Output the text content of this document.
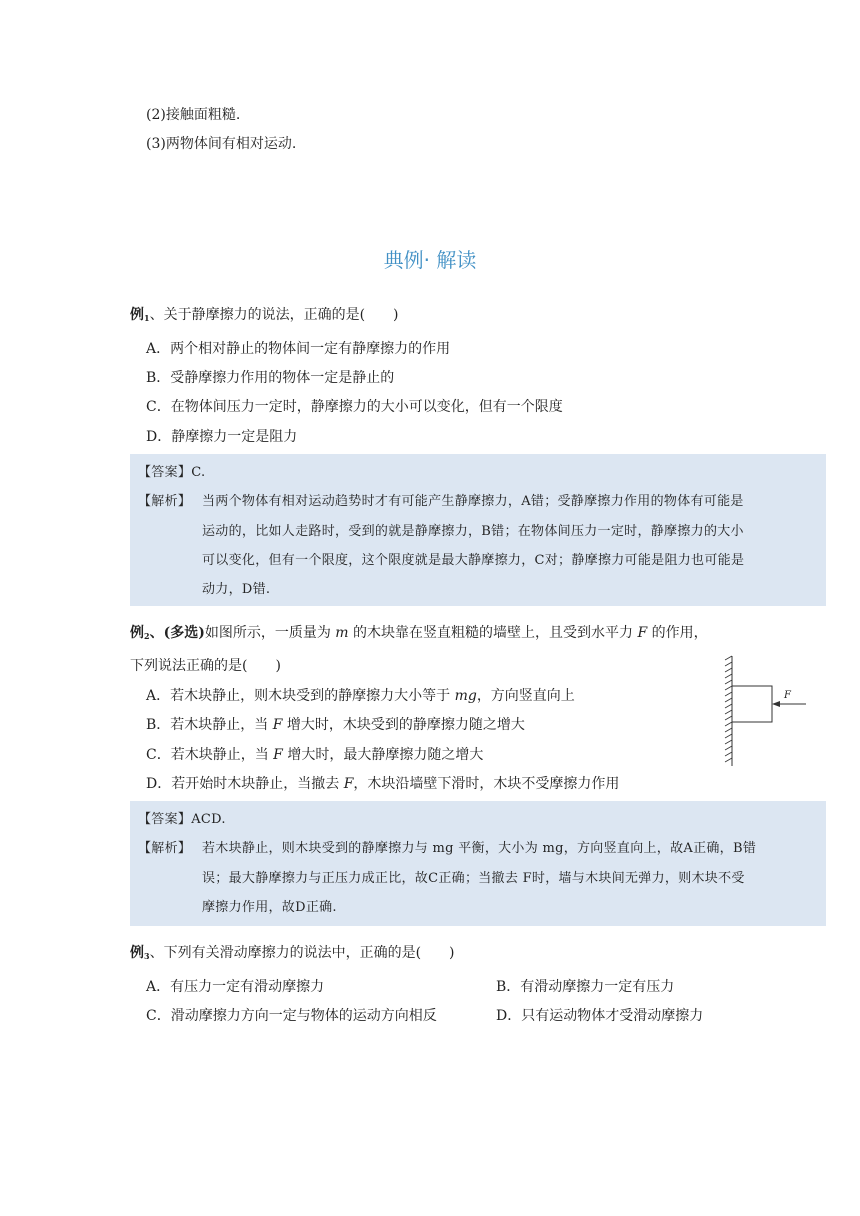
(2)接触面粗糙.
(3)两物体间有相对运动.
典例· 解读
例$_1$、关于静摩擦力的说法，正确的是(　　)
A．两个相对静止的物体间一定有静摩擦力的作用
B．受静摩擦力作用的物体一定是静止的
C．在物体间压力一定时，静摩擦力的大小可以变化，但有一个限度
D．静摩擦力一定是阻力
【答案】C.
【解析】 当两个物体有相对运动趋势时才有可能产生静摩擦力，A错；受静摩擦力作用的物体有可能是
运动的，比如人走路时，受到的就是静摩擦力，B错；在物体间压力一定时，静摩擦力的大小
可以变化，但有一个限度，这个限度就是最大静摩擦力，C对；静摩擦力可能是阻力也可能是
动力，D错.
例$_2$、(多选)如图所示，一质量为 m 的木块靠在竖直粗糙的墙壁上，且受到水平力 F 的作用，
下列说法正确的是(　　)
A．若木块静止，则木块受到的静摩擦力大小等于 mg，方向竖直向上
B．若木块静止，当 F 增大时，木块受到的静摩擦力随之增大
C．若木块静止，当 F 增大时，最大静摩擦力随之增大
D．若开始时木块静止，当撤去 F，木块沿墙壁下滑时，木块不受摩擦力作用
F
【答案】ACD.
【解析】 若木块静止，则木块受到的静摩擦力与 mg 平衡，大小为 mg，方向竖直向上，故A正确，B错
误；最大静摩擦力与正压力成正比，故C正确；当撤去 F时，墙与木块间无弹力，则木块不受
摩擦力作用，故D正确.
例$_3$、下列有关滑动摩擦力的说法中，正确的是(　　)
A．有压力一定有滑动摩擦力	B．有滑动摩擦力一定有压力
C．滑动摩擦力方向一定与物体的运动方向相反	D．只有运动物体才受滑动摩擦力
